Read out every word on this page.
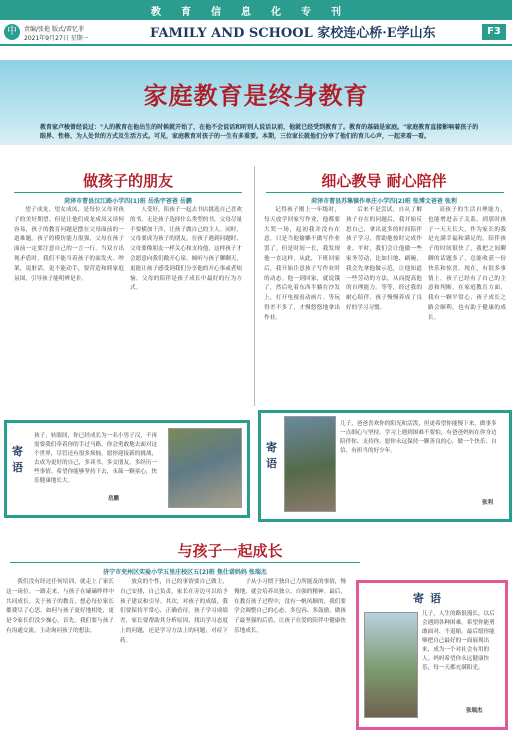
教育信息化专刊
中	责编/张艳 版式/雷忆菲
2021年9月27日 星期一	FAMILY AND SCHOOL 家校连心桥·E学山东	F3
家庭教育是终身教育
教育家卢梭曾经说过："人的教育在他出生的时候就开始了，在他不会说话和听别人说话以前，他就已经受到教育了。教育的基础是家庭。"家庭教育直接影响着孩子的眼界、性格、为人处世的方式及生活方式。可见，家庭教育对孩子的一生有多重要。本期，三位家长就他们分享了他们的育儿心声，一起来看一看。
做孩子的朋友
菏泽市曹县汉江路小学四(1)班 岳浩宇爸爸 岳鹏

望子成龙、望女成凤，是每位父母对孩子的美好期望。但是让他们成龙成凤又谈何容易，孩子的教育问题是摆在父母面前的一道难题。孩子的模仿能力很强，父母在孩子面前一定要注意自己的一言一行。当双方出现矛盾时，我们不能当着孩子的面发火、吵架，说脏话，更不能动手，要营造和睦家庭氛围，引导孩子能明辨是非。

人受好，陪孩子一起去书店挑选自己喜欢的书。无论孩子选择什么类型的书，父母尽量不要横加干涉，让孩子做自己的主人。同时，父母要成为孩子的朋友，在孩子遇到问题时，父母要像朋友一样关心和支持他，这样孩子才会愿意向我们敞开心扉。倾听与孩子聊聊天，更能让孩子感受到我们分享他的开心事或者烦恼。父母的陪伴是孩子成长中最好的行为方式。

细心教导 耐心陪伴
菏泽市曹县苏集镇作单庄小学四(2)班 张博文爸爸 张利

记得孩子刚上一年级时，每天放学回家写作业，他都要大哭一场，起初我并没有在意，只是当他偷懒不做写作业罢了。但是时间一长，我发现他一直这样，从此，下班回家后，我开始注意孩子写作业时的动态。他一到回家，就说饿了，然后吃着东西半躺在沙发上，打开电视看动画片。等玩得差不多了，才慢悠悠地拿出作业。

后来不是尝试，自从了解孩子存在的问题后，我开始反思自己，拿出更多的时间陪伴孩子学习，帮助他按时完成作业。平时，我们会让他做一些家务劳动，比如扫地、刷碗，我会先拿他做示范，让他知道一些劳动的方法，从而提高他的自理能力。等等，经过我的耐心陪伴，孩子慢慢养成了良好的学习习惯。

高孩子的生活自理能力，也能增进亲子关系。到那时孩子一天天长大，作为家长的我是充满幸福和满足的。陪伴孩子的时间很快了，我把之间聊聊的话题多了，总能收获一份快乐和惊喜。现在，有很多事情上，孩子已经有了自己的主意和判断。在家庭教育方面，我有一颗平常心，孩子成长之路会顺利，也有助于健康的成长。

寄语
孩子，转眼间，你已经成长为一名小男子汉，不再需要我们牵着你的手过马路，你会勇敢地去面对这个世界，尽管还有很多烦恼。愿你迎接新的挑战，去成为更好的自己，多读书，多交朋友，多经历一些事情。希望你能够坚持下去，永葆一颗童心，快乐健康地长大。
岳鹏
寄语
儿子，爸爸喜欢你的阳光和活泼，但更希望你能慢下来，做事多一点细心与坚持。学习上遇到困难不要怕，有爸爸妈妈在你身边陪伴你、支持你。愿你永远保持一颗善良的心，做一个快乐、自信、有担当的好少年。
张利
与孩子一起成长
济宁市兖州区实验小学五里庄校区五(2)班 焦仕诺妈妈 张瑞杰

我们没有经过任何培训，就走上了家长这一岗位。一路走来，与孩子在磕磕绊绊中共同成长。关于孩子的教育，想必每位家长都费尽了心思。如何与孩子更好地相处，更是令家长们没少操心。首先，我们要与孩子有沟通交流，主动询问孩子的想法。

放众的个性，自己的事情要自己做主，自己安排，自己负责，家长在旁边可以给予孩子建议和引导。其次，对孩子的成绩，我们要保持平常心，正确看待。孩子学习成绩差，家长要帮助其分析原因，找出学习态度上的问题，还是学习方法上的问题，对症下药。

子从小习惯于独自己力所能及的事情，慢慢地，就会培养出独立、自强的精神。最后，在教育孩子过程中，没有一帆风顺的，我们要学会调整自己的心态，多包容、多鼓励，做孩子最坚强的后盾，让孩子在爱的陪伴中健康快乐地成长。

寄语
儿子，人生的路很漫长，以后会遇到各种困难，希望你能勇敢面对、不退缩。最后愿你能够把自己最好的一面展现出来，成为一个对社会有用的人。妈妈希望你永远健康快乐，每一天都充满阳光。
张瑞杰
